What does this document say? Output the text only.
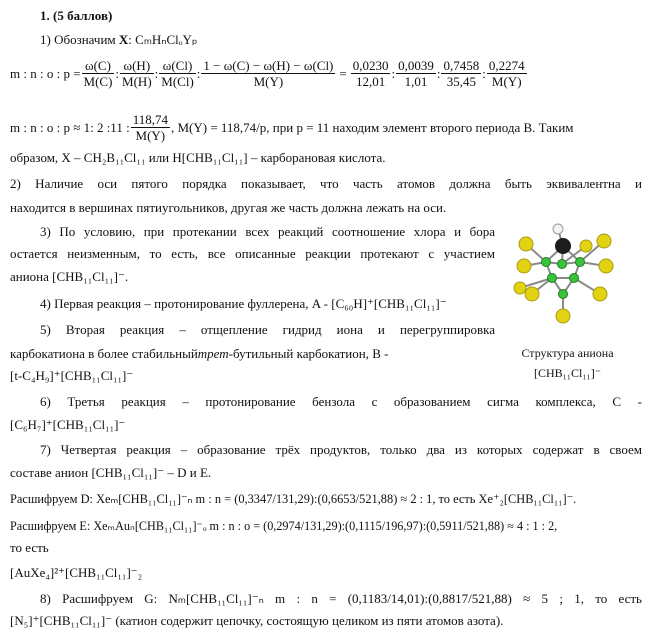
1. (5 баллов)
1) Обозначим X: CₘHₙClₒYₚ
m : n : o : $p = \frac{\omega(C)}{M(C)}$ : $\frac{\omega(H)}{M(H)}$ : $\frac{\omega(Cl)}{M(Cl)}$ : $\frac{1 - \omega(C) - \omega(H) - \omega(Cl)}{M(Y)} = \frac{0,0230}{12,01}$ : $\frac{0,0039}{1,01}$ : $\frac{0,7458}{35,45}$ : $\frac{0,2274}{M(Y)}$
m : n : o : p ≈ 1: 2 :11 : $\frac{118,74}{M(Y)}$ , M(Y) = 118,74/p, при p = 11 находим элемент второго периода B. Таким
образом, X – CH₂B₁₁Cl₁₁ или H[CHB₁₁Cl₁₁] – карборановая кислота.
2) Наличие оси пятого порядка показывает, что часть атомов должна быть эквивалентна и
находится в вершинах пятиугольников, другая же часть должна лежать на оси.
3) По условию, при протекании всех реакций соотношение хлора и бора
остается неизменным, то есть, все описанные реакции протекают с участием
аниона [CHB₁₁Cl₁₁]⁻.
4) Первая реакция – протонирование фуллерена, A - [C₆₀H]⁺[CHB₁₁Cl₁₁]⁻
5) Вторая реакция – отщепление гидрид иона и перегруппировка
карбокатиона в более стабильный трет-бутильный карбокатион, B -
[t-C₄H₉]⁺[CHB₁₁Cl₁₁]⁻
Структура аниона
[CHB₁₁Cl₁₁]⁻
6) Третья реакция – протонирование бензола с образованием сигма комплекса, C -
[C₆H₇]⁺[CHB₁₁Cl₁₁]⁻
7) Четвертая реакция – образование трёх продуктов, только два из которых содержат в своем
составе анион [CHB₁₁Cl₁₁]⁻ – D и E.
Расшифруем D: Xeₘ[CHB₁₁Cl₁₁]⁻ₙ m : n = (0,3347/131,29):(0,6653/521,88) ≈ 2 : 1, то есть Xe⁺₂[CHB₁₁Cl₁₁]⁻.
Расшифруем E: XeₘAuₙ[CHB₁₁Cl₁₁]⁻ₒ m : n : o = (0,2974/131,29):(0,1115/196,97):(0,5911/521,88) ≈ 4 : 1 : 2,
то есть
[AuXe₄]²⁺[CHB₁₁Cl₁₁]⁻₂
8) Расшифруем G: Nₘ[CHB₁₁Cl₁₁]⁻ₙ m : n = (0,1183/14,01):(0,8817/521,88) ≈ 5 ; 1, то есть
[N₅]⁺[CHB₁₁Cl₁₁]⁻ (катион содержит цепочку, состоящую целиком из пяти атомов азота).
